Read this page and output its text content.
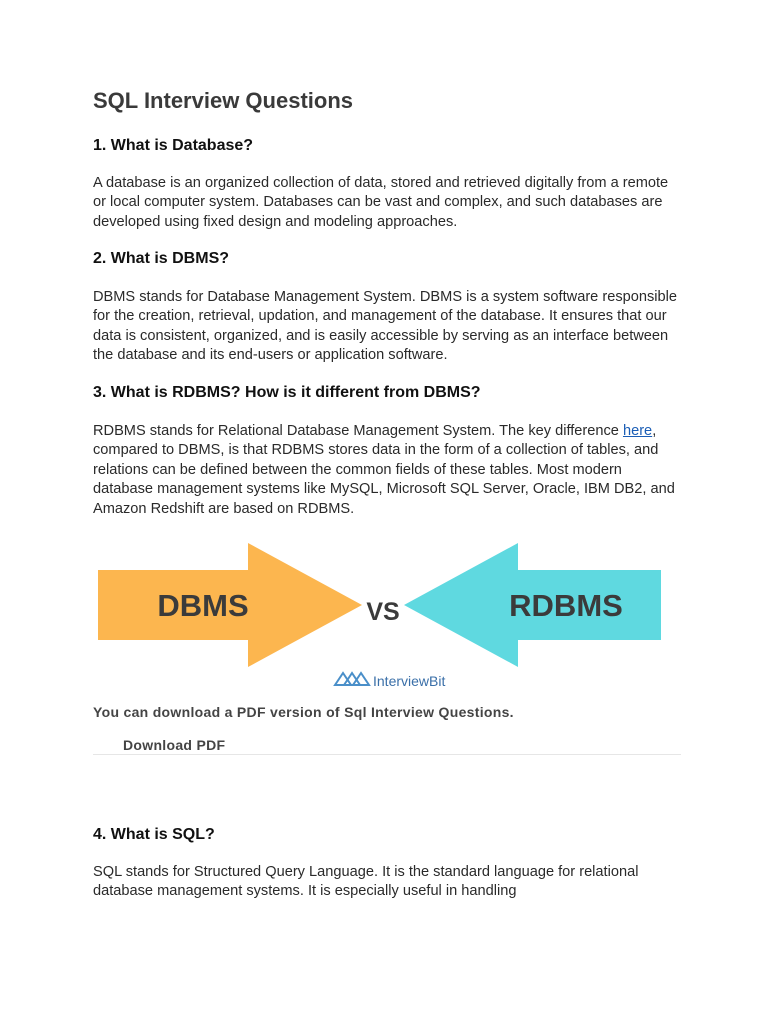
SQL Interview Questions
1. What is Database?

A database is an organized collection of data, stored and retrieved digitally from a remote or local computer system. Databases can be vast and complex, and such databases are developed using fixed design and modeling approaches.

2. What is DBMS?

DBMS stands for Database Management System. DBMS is a system software responsible for the creation, retrieval, updation, and management of the database. It ensures that our data is consistent, organized, and is easily accessible by serving as an interface between the database and its end-users or application software.

3. What is RDBMS? How is it different from DBMS?

RDBMS stands for Relational Database Management System. The key difference here, compared to DBMS, is that RDBMS stores data in the form of a collection of tables, and relations can be defined between the common fields of these tables. Most modern database management systems like MySQL, Microsoft SQL Server, Oracle, IBM DB2, and Amazon Redshift are based on RDBMS.

DBMS	VS	RDBMS
InterviewBit

You can download a PDF version of Sql Interview Questions.

Download PDF

4. What is SQL?

SQL stands for Structured Query Language. It is the standard language for relational database management systems. It is especially useful in handling
